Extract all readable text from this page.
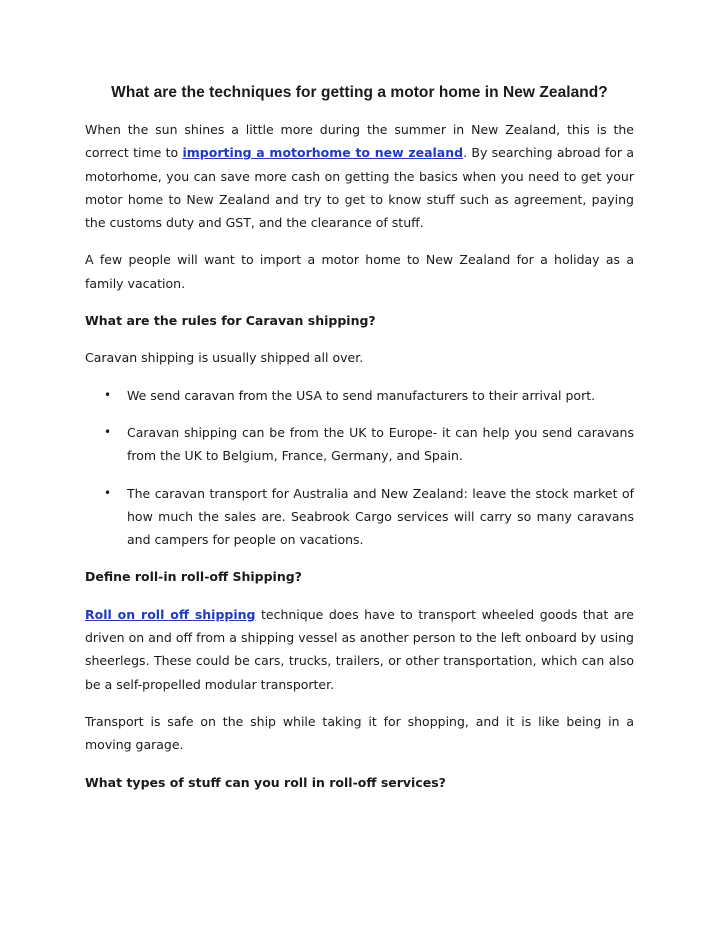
What are the techniques for getting a motor home in New Zealand?

When the sun shines a little more during the summer in New Zealand, this is the correct time to importing a motorhome to new zealand. By searching abroad for a motorhome, you can save more cash on getting the basics when you need to get your motor home to New Zealand and try to get to know stuff such as agreement, paying the customs duty and GST, and the clearance of stuff.

A few people will want to import a motor home to New Zealand for a holiday as a family vacation.

What are the rules for Caravan shipping?

Caravan shipping is usually shipped all over.

• We send caravan from the USA to send manufacturers to their arrival port.
• Caravan shipping can be from the UK to Europe- it can help you send caravans from the UK to Belgium, France, Germany, and Spain.
• The caravan transport for Australia and New Zealand: leave the stock market of how much the sales are. Seabrook Cargo services will carry so many caravans and campers for people on vacations.

Define roll-in roll-off Shipping?

Roll on roll off shipping technique does have to transport wheeled goods that are driven on and off from a shipping vessel as another person to the left onboard by using sheerlegs. These could be cars, trucks, trailers, or other transportation, which can also be a self-propelled modular transporter.

Transport is safe on the ship while taking it for shopping, and it is like being in a moving garage.

What types of stuff can you roll in roll-off services?
